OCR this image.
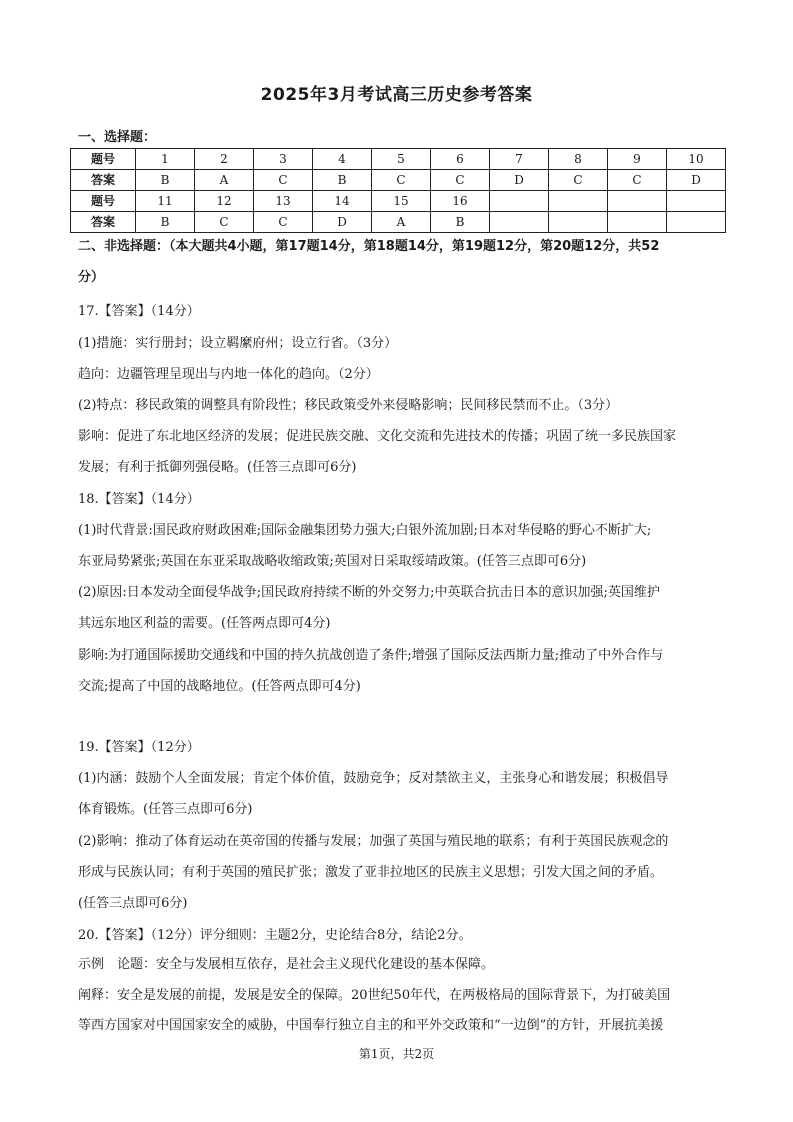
2025年3月考试高三历史参考答案
一、选择题：
题号	1	2	3	4	5	6	7	8	9	10
答案	B	A	C	B	C	C	D	C	C	D
题号	11	12	13	14	15	16				
答案	B	C	C	D	A	B				
二、非选择题：（本大题共4小题，第17题14分，第18题14分，第19题12分，第20题12分，共52
分）
17.【答案】（14分）
(1)措施：实行册封；设立羁縻府州；设立行省。（3分）
趋向：边疆管理呈现出与内地一体化的趋向。（2分）
(2)特点：移民政策的调整具有阶段性；移民政策受外来侵略影响；民间移民禁而不止。（3分）
影响：促进了东北地区经济的发展；促进民族交融、文化交流和先进技术的传播；巩固了统一多民族国家
发展；有利于抵御列强侵略。(任答三点即可6分)
18.【答案】（14分）
(1)时代背景:国民政府财政困难;国际金融集团势力强大;白银外流加剧;日本对华侵略的野心不断扩大;
东亚局势紧张;英国在东亚采取战略收缩政策;英国对日采取绥靖政策。(任答三点即可6分)
(2)原因:日本发动全面侵华战争;国民政府持续不断的外交努力;中英联合抗击日本的意识加强;英国维护
其远东地区利益的需要。(任答两点即可4分)
影响:为打通国际援助交通线和中国的持久抗战创造了条件;增强了国际反法西斯力量;推动了中外合作与
交流;提高了中国的战略地位。(任答两点即可4分)
19.【答案】（12分）
(1)内涵：鼓励个人全面发展；肯定个体价值，鼓励竞争；反对禁欲主义，主张身心和谐发展；积极倡导
体育锻炼。(任答三点即可6分)
(2)影响：推动了体育运动在英帝国的传播与发展；加强了英国与殖民地的联系；有利于英国民族观念的
形成与民族认同；有利于英国的殖民扩张；激发了亚非拉地区的民族主义思想；引发大国之间的矛盾。
(任答三点即可6分)
20.【答案】（12分）评分细则：主题2分，史论结合8分，结论2分。
示例　论题：安全与发展相互依存，是社会主义现代化建设的基本保障。
阐释：安全是发展的前提，发展是安全的保障。20世纪50年代，在两极格局的国际背景下，为打破美国
等西方国家对中国国家安全的威胁，中国奉行独立自主的和平外交政策和“一边倒”的方针，开展抗美援
第1页，共2页
